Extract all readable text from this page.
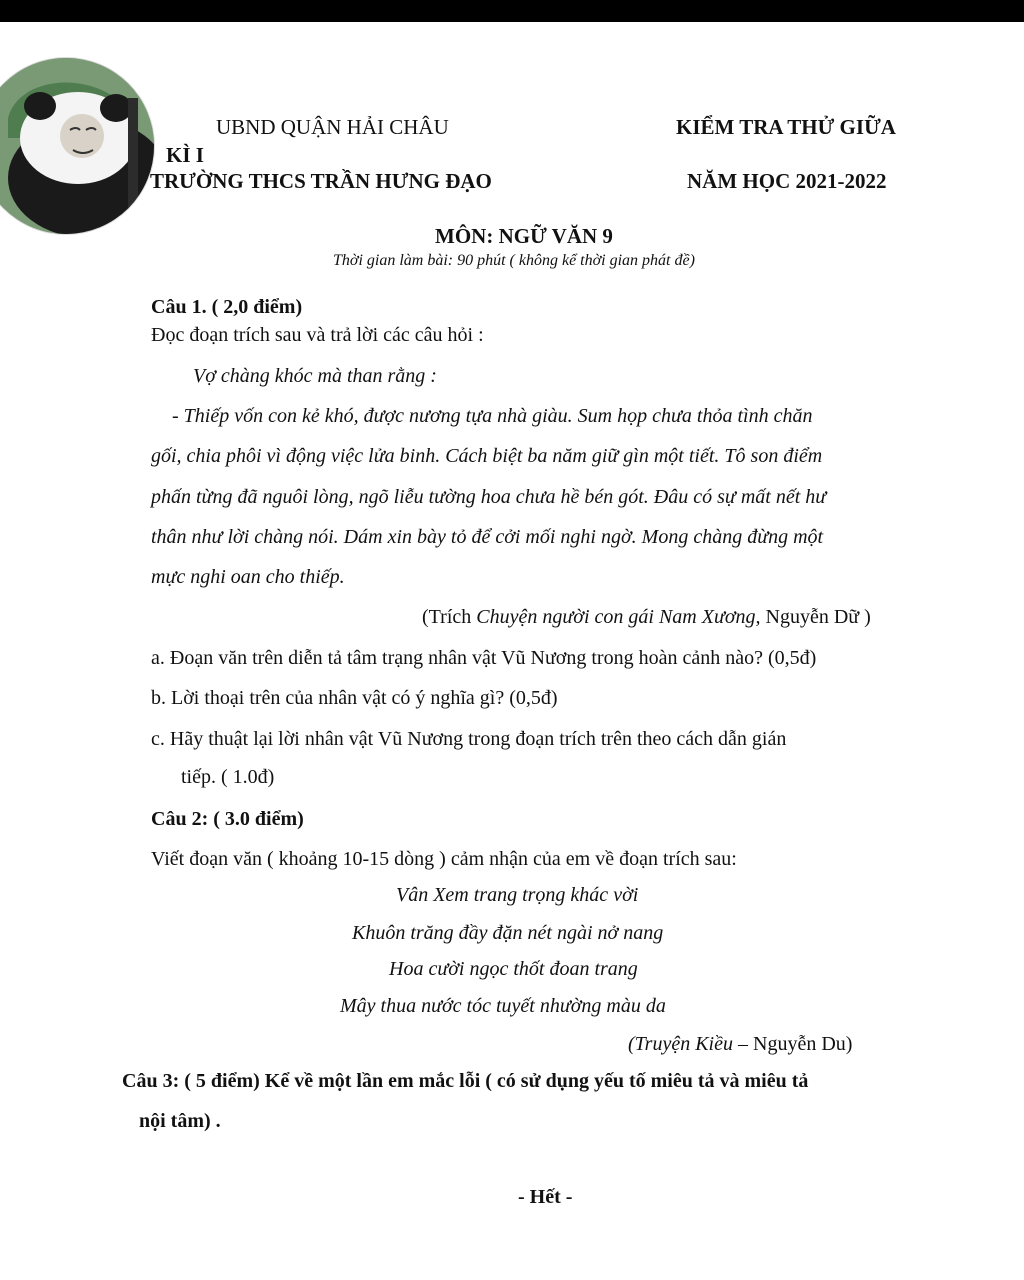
UBND QUẬN HẢI CHÂU
KÌ I
TRƯỜNG THCS TRẦN HƯNG ĐẠO
KIỂM TRA THỬ GIỮA
NĂM HỌC 2021-2022
MÔN: NGỮ VĂN 9
Thời gian làm bài: 90 phút ( không kể thời gian phát đề)
Câu 1. ( 2,0 điểm)
Đọc đoạn trích sau và trả lời các câu hỏi :
Vợ chàng khóc mà than rằng :
- Thiếp vốn con kẻ khó, được nương tựa nhà giàu. Sum họp chưa thỏa tình chăn
gối, chia phôi vì động việc lửa binh. Cách biệt ba năm giữ gìn một tiết. Tô son điểm
phấn từng đã nguôi lòng, ngõ liễu tường hoa chưa hề bén gót. Đâu có sự mất nết hư
thân như lời chàng nói. Dám xin bày tỏ để cởi mối nghi ngờ. Mong chàng đừng một
mực nghi oan cho thiếp.
(Trích Chuyện người con gái Nam Xương, Nguyễn Dữ )
a. Đoạn văn trên diễn tả tâm trạng nhân vật Vũ Nương trong hoàn cảnh nào? (0,5đ)
b. Lời thoại trên của nhân vật có ý nghĩa gì? (0,5đ)
c. Hãy thuật lại lời nhân vật Vũ Nương trong đoạn trích trên theo cách dẫn gián
tiếp. ( 1.0đ)
Câu 2: ( 3.0 điểm)
Viết đoạn văn ( khoảng 10-15 dòng ) cảm nhận của em về đoạn trích sau:
Vân Xem trang trọng khác vời
Khuôn trăng đầy đặn nét ngài nở nang
Hoa cười ngọc thốt đoan trang
Mây thua nước tóc tuyết nhường màu da
(Truyện Kiều – Nguyễn Du)
Câu 3: ( 5 điểm) Kể về một lần em mắc lỗi ( có sử dụng yếu tố miêu tả và miêu tả
nội tâm) .
- Hết -
